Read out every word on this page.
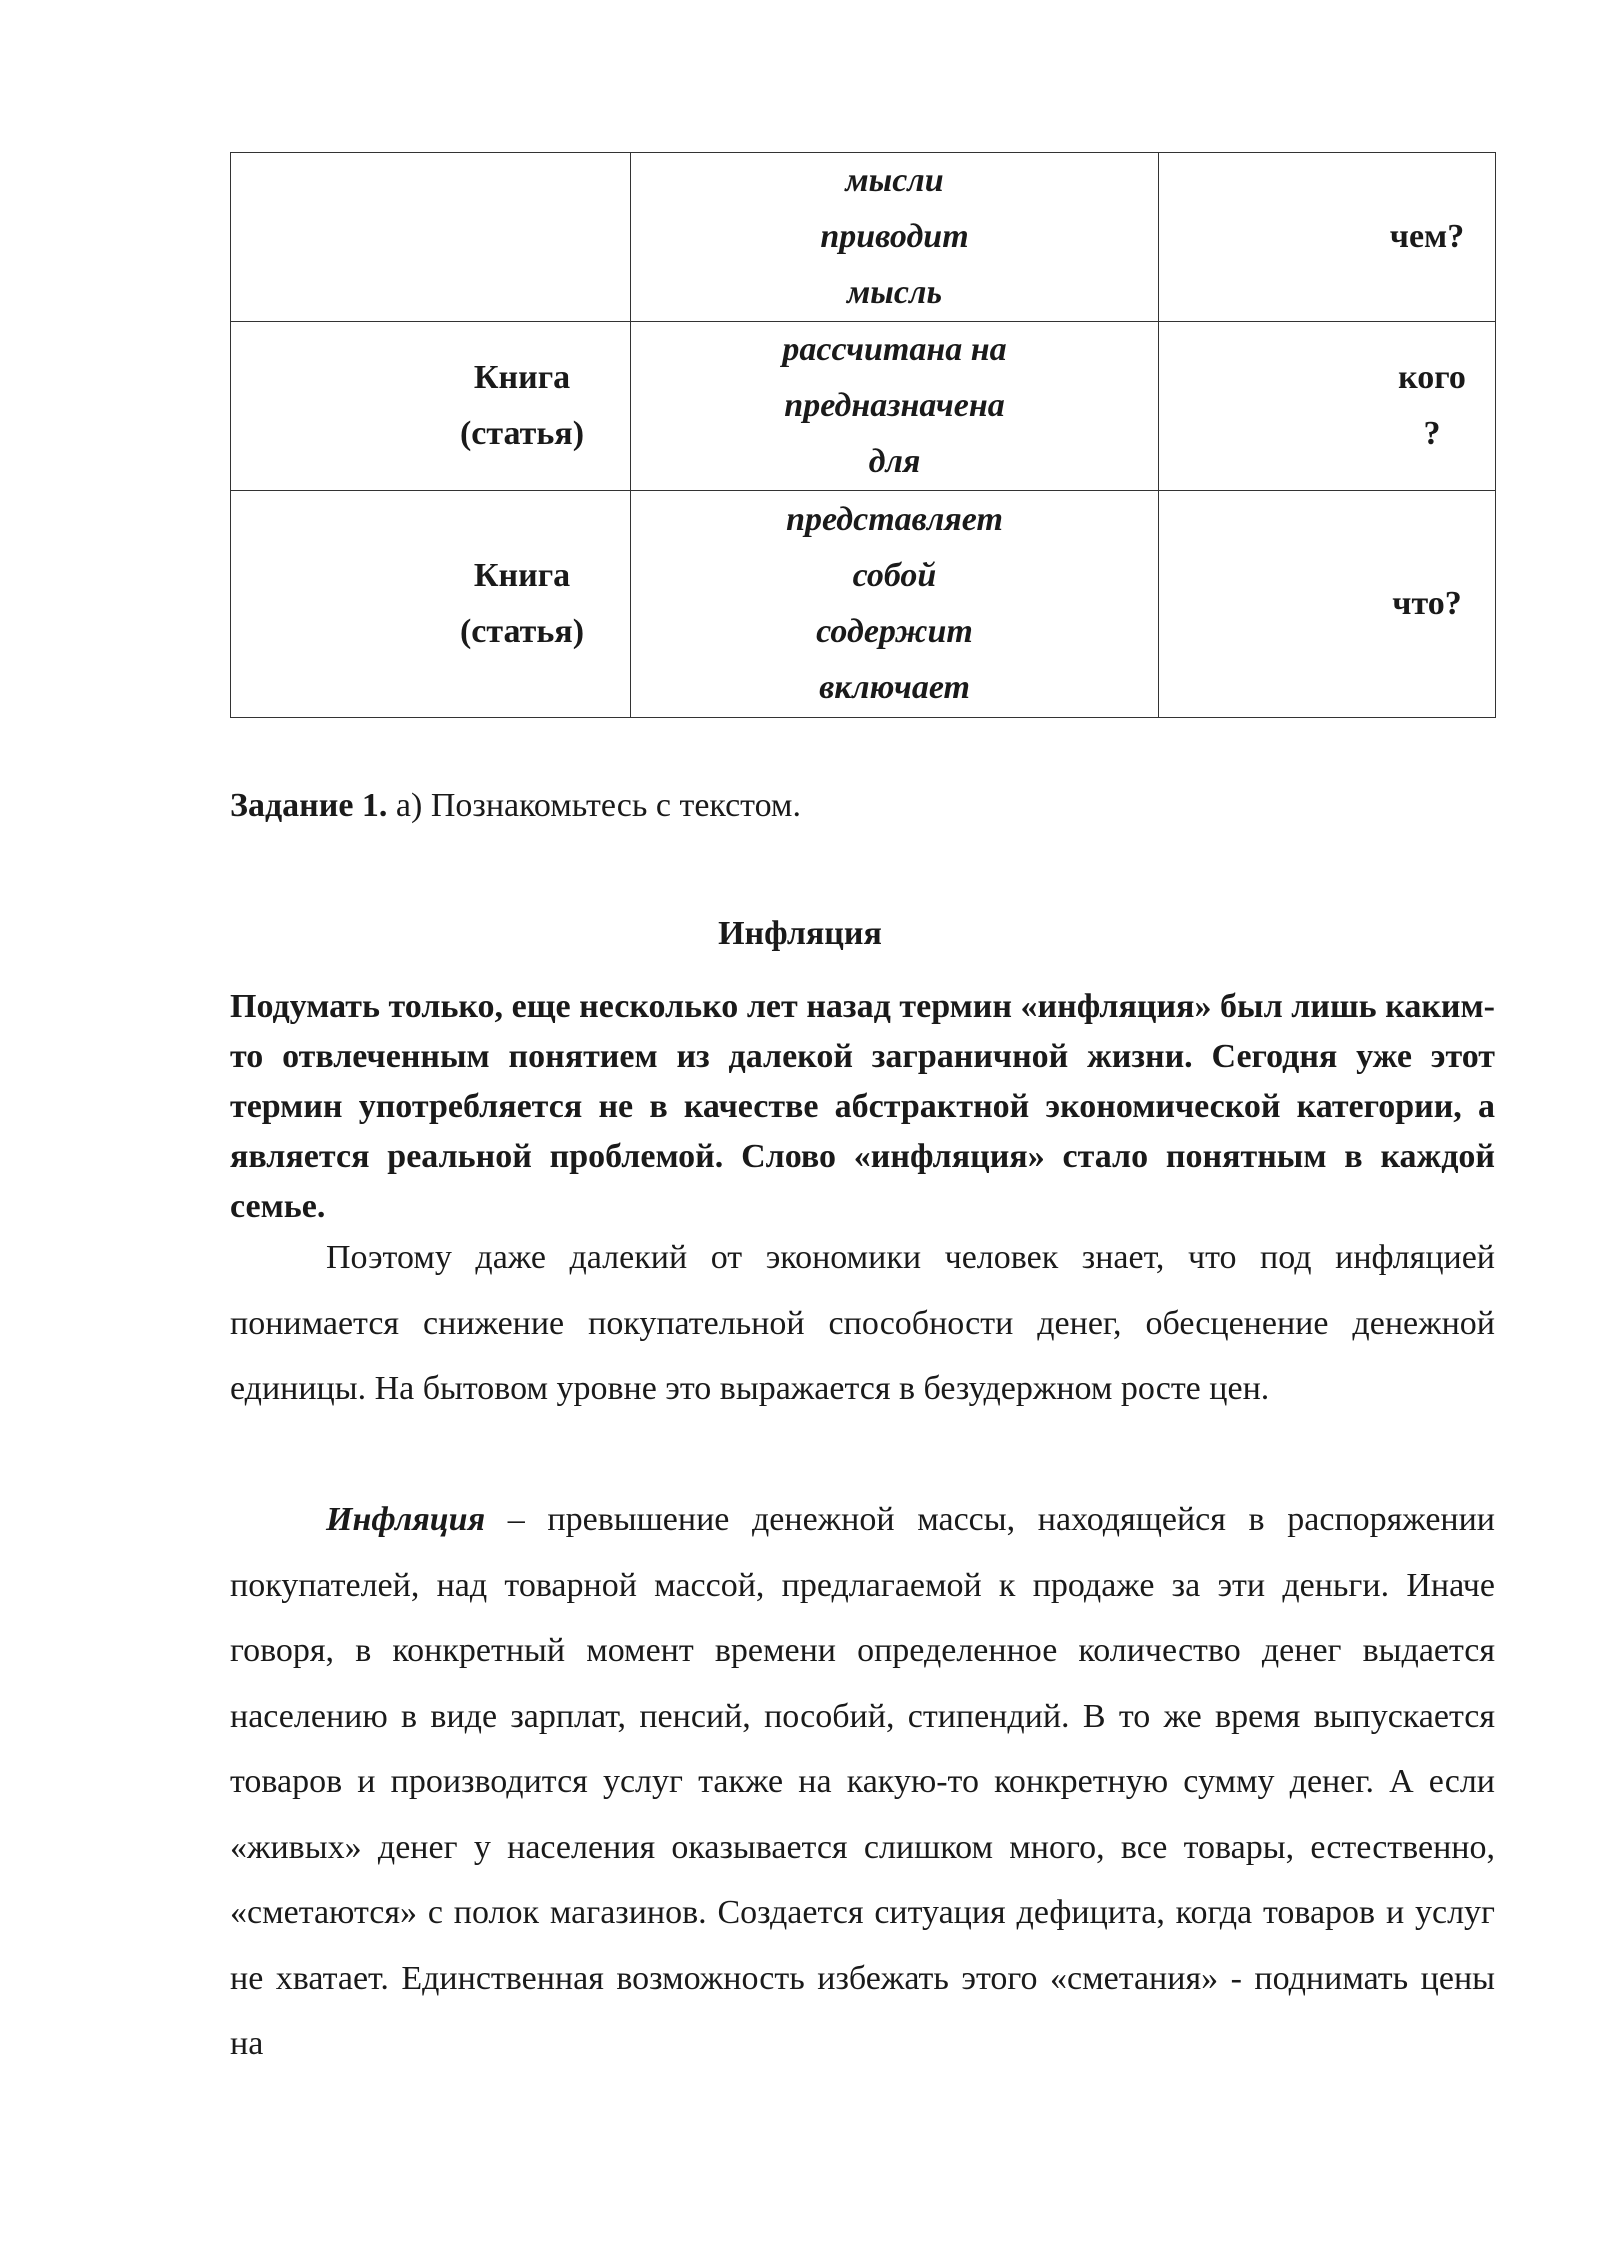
	мысли
приводит
мысль	чем?

Книга
(статья)	рассчитана на
предназначена
для	кого
?

Книга
(статья)	представляет
собой
содержит
включает	что?
Задание 1. а) Познакомьтесь с текстом.
Инфляция
Подумать только, еще несколько лет назад термин «инфляция» был лишь каким-то отвлеченным понятием из далекой заграничной жизни. Сегодня уже этот термин употребляется не в качестве абстрактной экономической категории, а является реальной проблемой. Слово «инфляция» стало понятным в каждой семье.

Поэтому даже далекий от экономики человек знает, что под инфляцией понимается снижение покупательной способности денег, обесценение денежной единицы. На бытовом уровне это выражается в безудержном росте цен.

Инфляция – превышение денежной массы, находящейся в распоряжении покупателей, над товарной массой, предлагаемой к продаже за эти деньги. Иначе говоря, в конкретный момент времени определенное количество денег выдается населению в виде зарплат, пенсий, пособий, стипендий. В то же время выпускается товаров и производится услуг также на какую-то конкретную сумму денег. А если «живых» денег у населения оказывается слишком много, все товары, естественно, «сметаются» с полок магазинов. Создается ситуация дефицита, когда товаров и услуг не хватает. Единственная возможность избежать этого «сметания» - поднимать цены на
